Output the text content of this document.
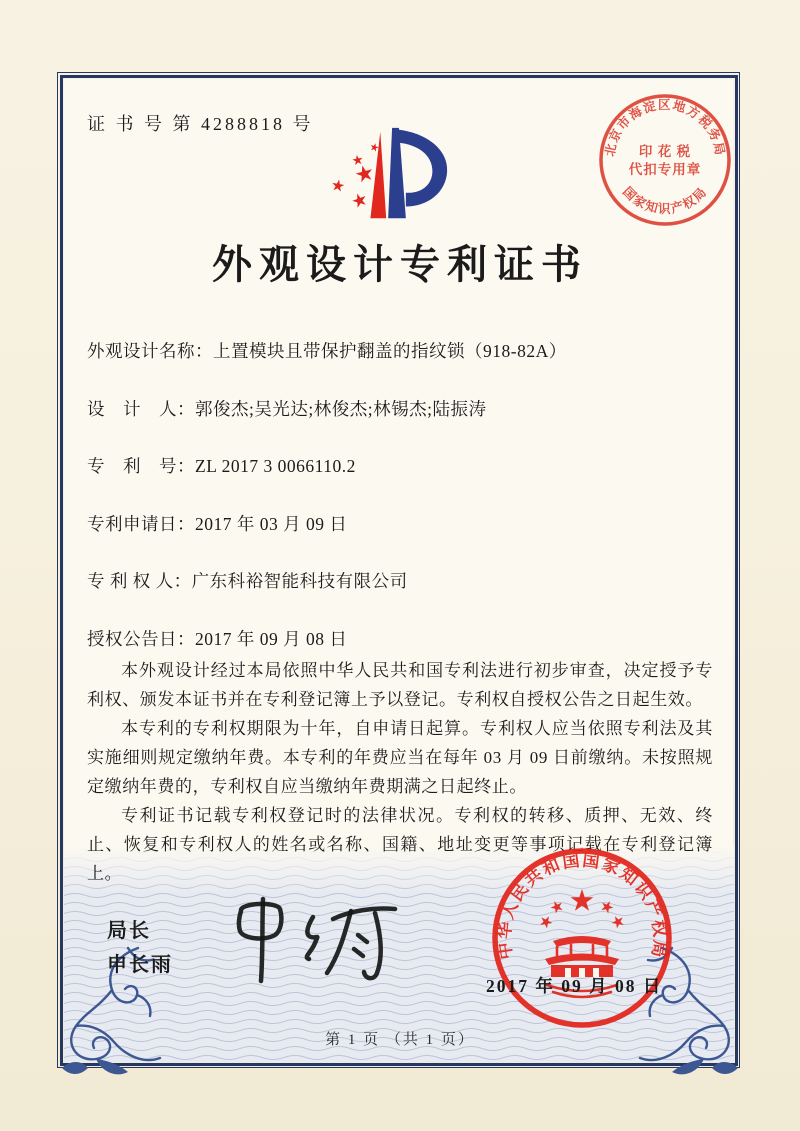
证 书 号 第 4288818 号
北京市海淀区地方税务局
国家知识产权局
印 花 税
代扣专用章
外观设计专利证书
外观设计名称：上置模块且带保护翻盖的指纹锁（918-82A）
设　计　人：郭俊杰;吴光达;林俊杰;林锡杰;陆振涛
专　利　号：ZL 2017 3 0066110.2
专利申请日：2017 年 03 月 09 日
专 利 权 人：广东科裕智能科技有限公司
授权公告日：2017 年 09 月 08 日

本外观设计经过本局依照中华人民共和国专利法进行初步审查，决定授予专利权、颁发本证书并在专利登记簿上予以登记。专利权自授权公告之日起生效。

本专利的专利权期限为十年，自申请日起算。专利权人应当依照专利法及其实施细则规定缴纳年费。本专利的年费应当在每年 03 月 09 日前缴纳。未按照规定缴纳年费的，专利权自应当缴纳年费期满之日起终止。

专利证书记载专利权登记时的法律状况。专利权的转移、质押、无效、终止、恢复和专利权人的姓名或名称、国籍、地址变更等事项记载在专利登记簿上。

局长
申长雨
中华人民共和国国家知识产权局
2017 年 09 月 08 日
第 1 页 （共 1 页）
